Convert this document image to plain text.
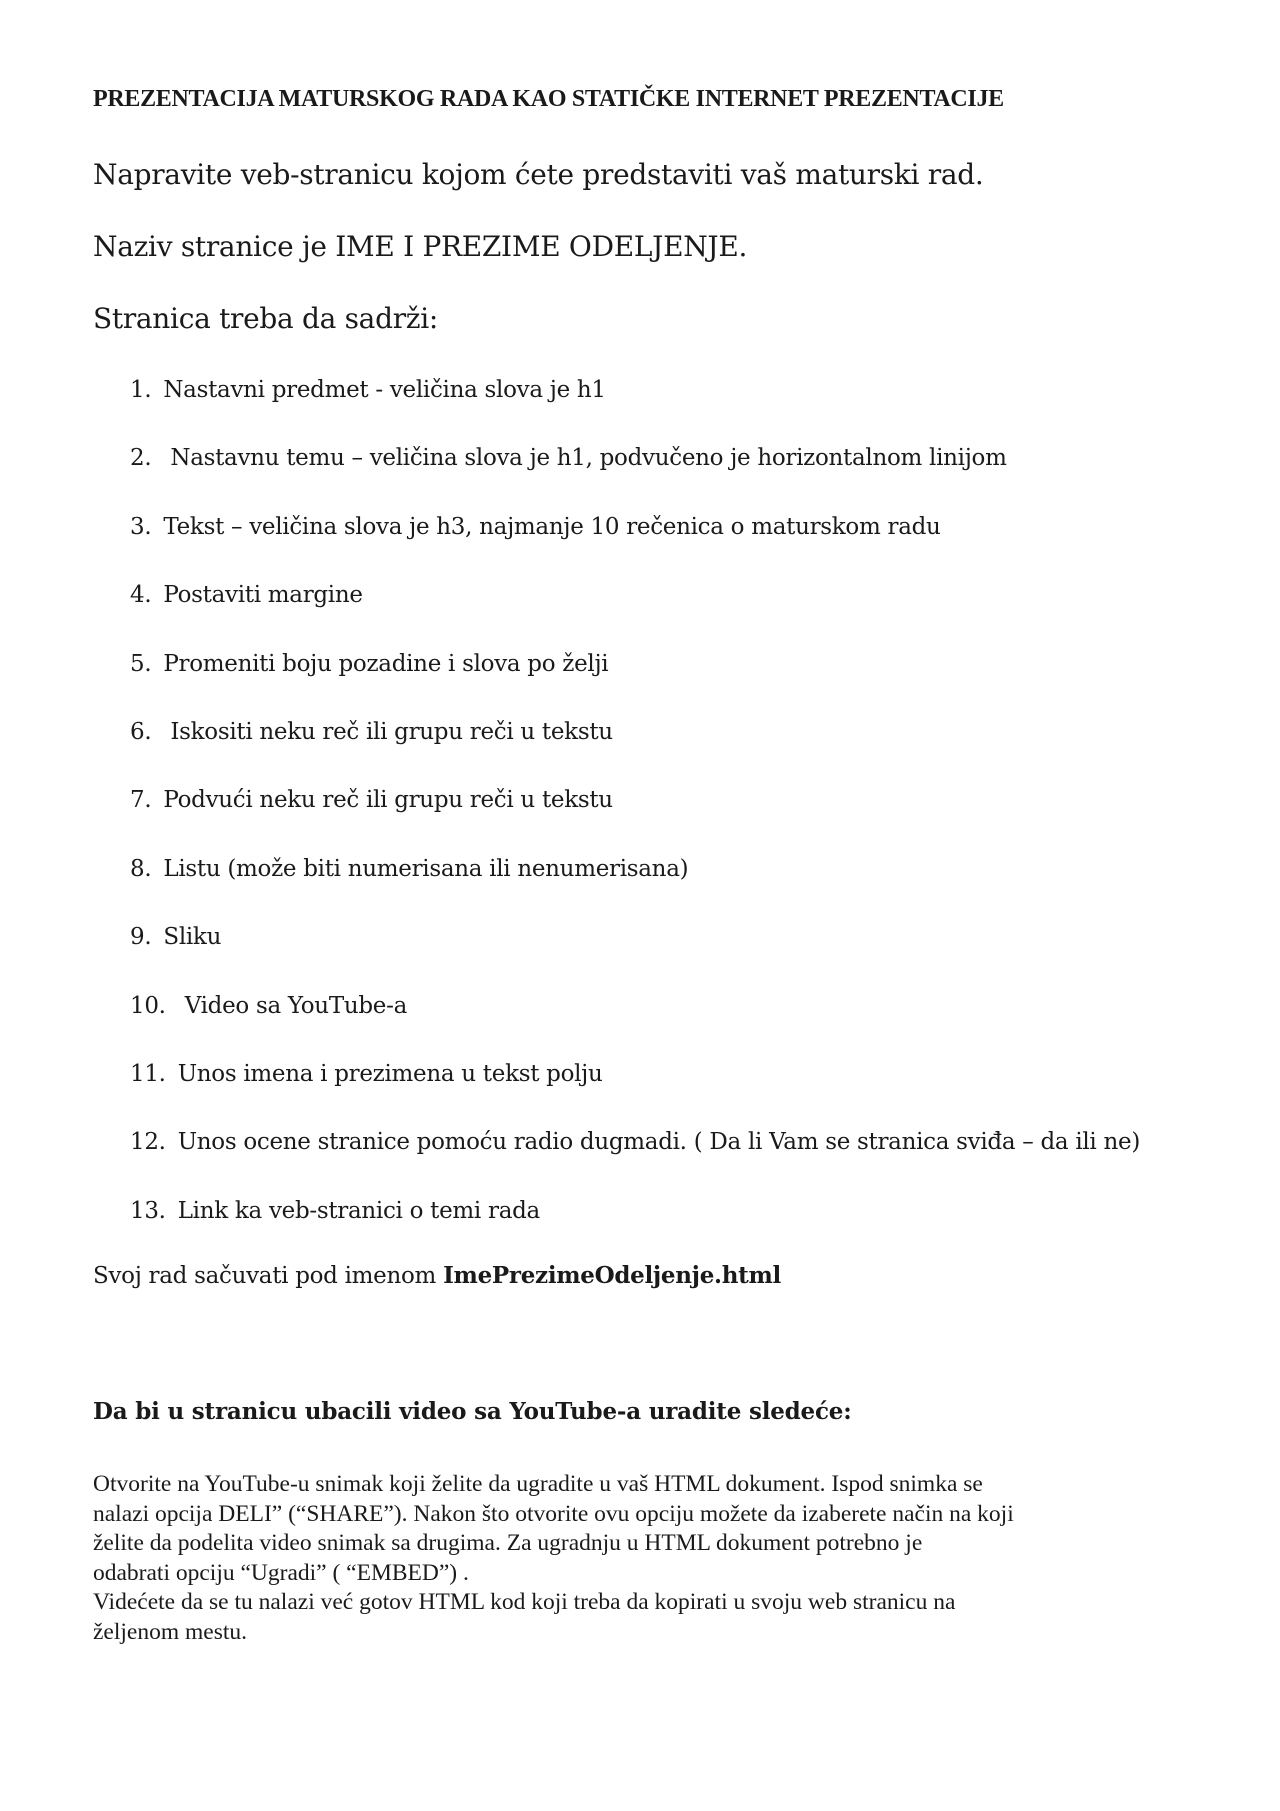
PREZENTACIJA MATURSKOG RADA KAO STATIČKE INTERNET PREZENTACIJE
Napravite veb-stranicu kojom ćete predstaviti vaš maturski rad.
Naziv stranice je IME I PREZIME ODELJENJE.
Stranica treba da sadrži:
1. Nastavni predmet - veličina slova je h1
2. Nastavnu temu – veličina slova je h1, podvučeno je horizontalnom linijom
3. Tekst – veličina slova je h3, najmanje 10 rečenica o maturskom radu
4. Postaviti margine
5. Promeniti boju pozadine i slova po želji
6. Iskositi neku reč ili grupu reči u tekstu
7. Podvući neku reč ili grupu reči u tekstu
8. Listu (može biti numerisana ili nenumerisana)
9. Sliku
10. Video sa YouTube-a
11. Unos imena i prezimena u tekst polju
12. Unos ocene stranice pomoću radio dugmadi. ( Da li Vam se stranica sviđa – da ili ne)
13. Link ka veb-stranici o temi rada
Svoj rad sačuvati pod imenom ImePrezimeOdeljenje.html
Da bi u stranicu ubacili video sa YouTube-a uradite sledeće:
Otvorite na YouTube-u snimak koji želite da ugradite u vaš HTML dokument. Ispod snimka se
nalazi opcija DELI” (“SHARE”). Nakon što otvorite ovu opciju možete da izaberete način na koji
želite da podelita video snimak sa drugima. Za ugradnju u HTML dokument potrebno je
odabrati opciju “Ugradi” ( “EMBED”) .
Videćete da se tu nalazi već gotov HTML kod koji treba da kopirati u svoju web stranicu na
željenom mestu.
